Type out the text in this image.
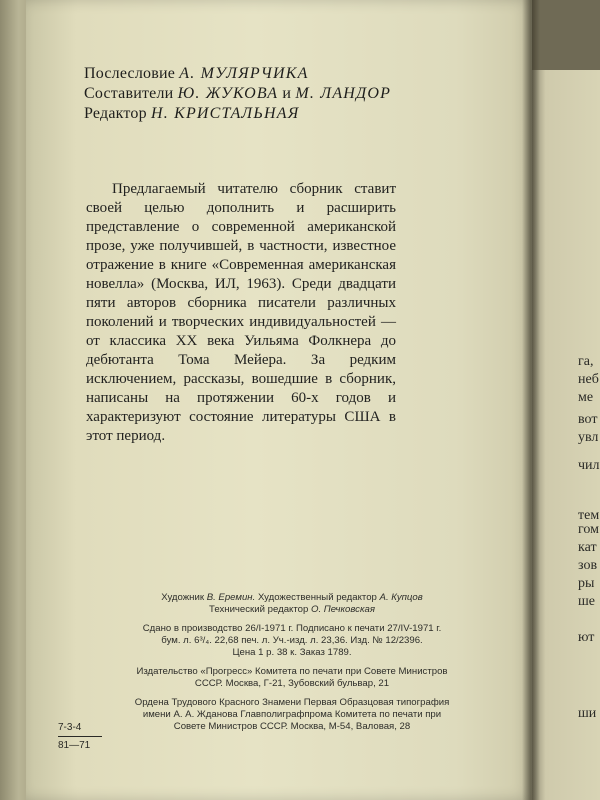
Послесловие А. МУЛЯРЧИКА
Составители Ю. ЖУКОВА и М. ЛАНДОР
Редактор Н. КРИСТАЛЬНАЯ
Предлагаемый читателю сборник ставит своей целью дополнить и расширить представление о современной американской прозе, уже получившей, в частности, известное отражение в книге «Современная американская новелла» (Москва, ИЛ, 1963). Среди двадцати пяти авторов сборника писатели различных поколений и творческих индивидуальностей — от классика XX века Уильяма Фолкнера до дебютанта Тома Мейера. За редким исключением, рассказы, вошедшие в сборник, написаны на протяжении 60-х годов и характеризуют состояние литературы США в этот период.
Художник В. Еремин. Художественный редактор А. Купцов
Технический редактор О. Печковская
Сдано в производство 26/I-1971 г. Подписано к печати 27/IV-1971 г.
бум. л. 6³/₄. 22,68 печ. л. Уч.-изд. л. 23,36. Изд. № 12/2396.
Цена 1 р. 38 к. Заказ 1789.
Издательство «Прогресс» Комитета по печати при Совете Министров
СССР. Москва, Г-21, Зубовский бульвар, 21
Ордена Трудового Красного Знамени Первая Образцовая типография
имени А. А. Жданова Главполиграфпрома Комитета по печати при
Совете Министров СССР. Москва, М-54, Валовая, 28
7-3-4
81—71
га,
неб
ме
вот
увл
чил
тем
гом
кат
зов
ры
ше
ют
ши
